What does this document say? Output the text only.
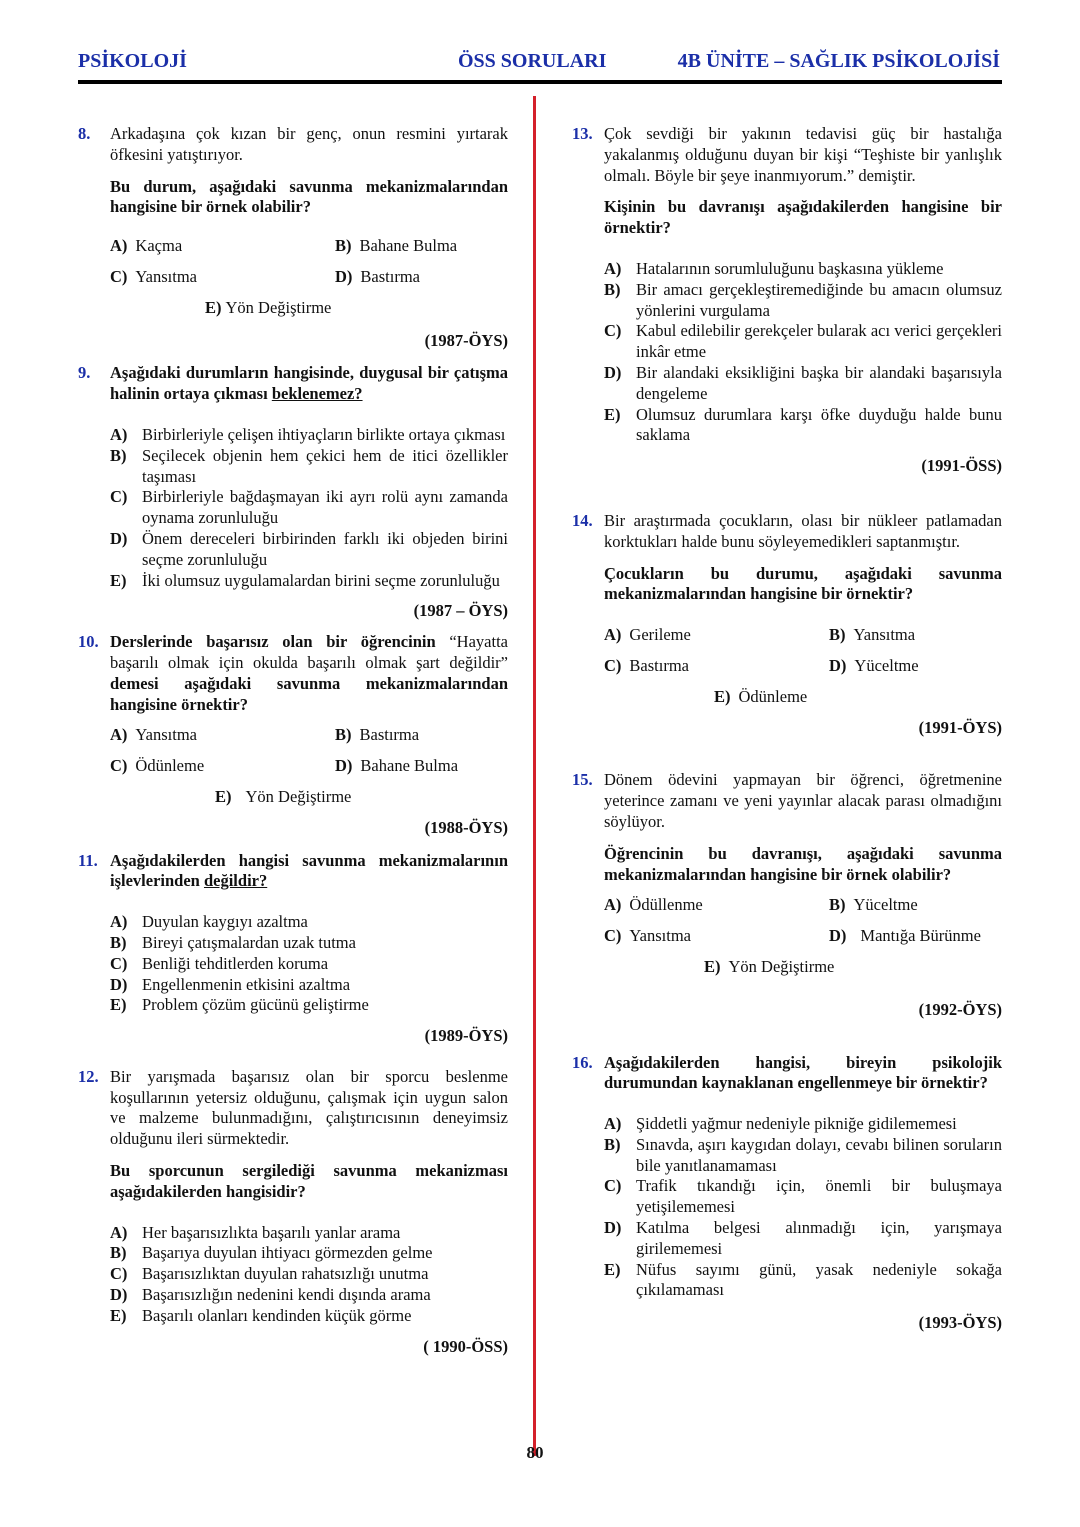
PSİKOLOJİ	ÖSS SORULARI	4B ÜNİTE – SAĞLIK PSİKOLOJİSİ
8. Arkadaşına çok kızan bir genç, onun resmini yırtarak öfkesini yatıştırıyor.
Bu durum, aşağıdaki savunma mekanizmalarından hangisine bir örnek olabilir?
A) Kaçma	B) Bahane Bulma
C) Yansıtma	D) Bastırma
E) Yön Değiştirme
(1987-ÖYS)
9. Aşağıdaki durumların hangisinde, duygusal bir çatışma halinin ortaya çıkması beklenemez?
A) Birbirleriyle çelişen ihtiyaçların birlikte ortaya çıkması
B) Seçilecek objenin hem çekici hem de itici özellikler taşıması
C) Birbirleriyle bağdaşmayan iki ayrı rolü aynı zamanda oynama zorunluluğu
D) Önem dereceleri birbirinden farklı iki objeden birini seçme zorunluluğu
E) İki olumsuz uygulamalardan birini seçme zorunluluğu
(1987 – ÖYS)
10. Derslerinde başarısız olan bir öğrencinin “Hayatta başarılı olmak için okulda başarılı olmak şart değildir” demesi aşağıdaki savunma mekanizmalarından hangisine örnektir?
A) Yansıtma	B) Bastırma
C) Ödünleme	D) Bahane Bulma
E) Yön Değiştirme
(1988-ÖYS)
11. Aşağıdakilerden hangisi savunma mekanizmalarının işlevlerinden değildir?
A) Duyulan kaygıyı azaltma
B) Bireyi çatışmalardan uzak tutma
C) Benliği tehditlerden koruma
D) Engellenmenin etkisini azaltma
E) Problem çözüm gücünü geliştirme
(1989-ÖYS)
12. Bir yarışmada başarısız olan bir sporcu beslenme koşullarının yetersiz olduğunu, çalışmak için uygun salon ve malzeme bulunmadığını, çalıştırıcısının deneyimsiz olduğunu ileri sürmektedir.
Bu sporcunun sergilediği savunma mekanizması aşağıdakilerden hangisidir?
A) Her başarısızlıkta başarılı yanlar arama
B) Başarıya duyulan ihtiyacı görmezden gelme
C) Başarısızlıktan duyulan rahatsızlığı unutma
D) Başarısızlığın nedenini kendi dışında arama
E) Başarılı olanları kendinden küçük görme
( 1990-ÖSS)
13. Çok sevdiği bir yakının tedavisi güç bir hastalığa yakalanmış olduğunu duyan bir kişi “Teşhiste bir yanlışlık olmalı. Böyle bir şeye inanmıyorum.” demiştir.
Kişinin bu davranışı aşağıdakilerden hangisine bir örnektir?
A) Hatalarının sorumluluğunu başkasına yükleme
B) Bir amacı gerçekleştiremediğinde bu amacın olumsuz yönlerini vurgulama
C) Kabul edilebilir gerekçeler bularak acı verici gerçekleri inkâr etme
D) Bir alandaki eksikliğini başka bir alandaki başarısıyla dengeleme
E) Olumsuz durumlara karşı öfke duyduğu halde bunu saklama
(1991-ÖSS)
14. Bir araştırmada çocukların, olası bir nükleer patlamadan korktukları halde bunu söyleyemedikleri saptanmıştır.
Çocukların bu durumu, aşağıdaki savunma mekanizmalarından hangisine bir örnektir?
A) Gerileme	B) Yansıtma
C) Bastırma	D) Yüceltme
E) Ödünleme
(1991-ÖYS)
15. Dönem ödevini yapmayan bir öğrenci, öğretmenine yeterince zamanı ve yeni yayınlar alacak parası olmadığını söylüyor.
Öğrencinin bu davranışı, aşağıdaki savunma mekanizmalarından hangisine bir örnek olabilir?
A) Ödüllenme	B) Yüceltme
C) Yansıtma	D) Mantığa Bürünme
E) Yön Değiştirme
(1992-ÖYS)
16. Aşağıdakilerden hangisi, bireyin psikolojik durumundan kaynaklanan engellenmeye bir örnektir?
A) Şiddetli yağmur nedeniyle pikniğe gidilememesi
B) Sınavda, aşırı kaygıdan dolayı, cevabı bilinen soruların bile yanıtlanamaması
C) Trafik tıkandığı için, önemli bir buluşmaya yetişilememesi
D) Katılma belgesi alınmadığı için, yarışmaya girilememesi
E) Nüfus sayımı günü, yasak nedeniyle sokağa çıkılamaması
(1993-ÖYS)
80
